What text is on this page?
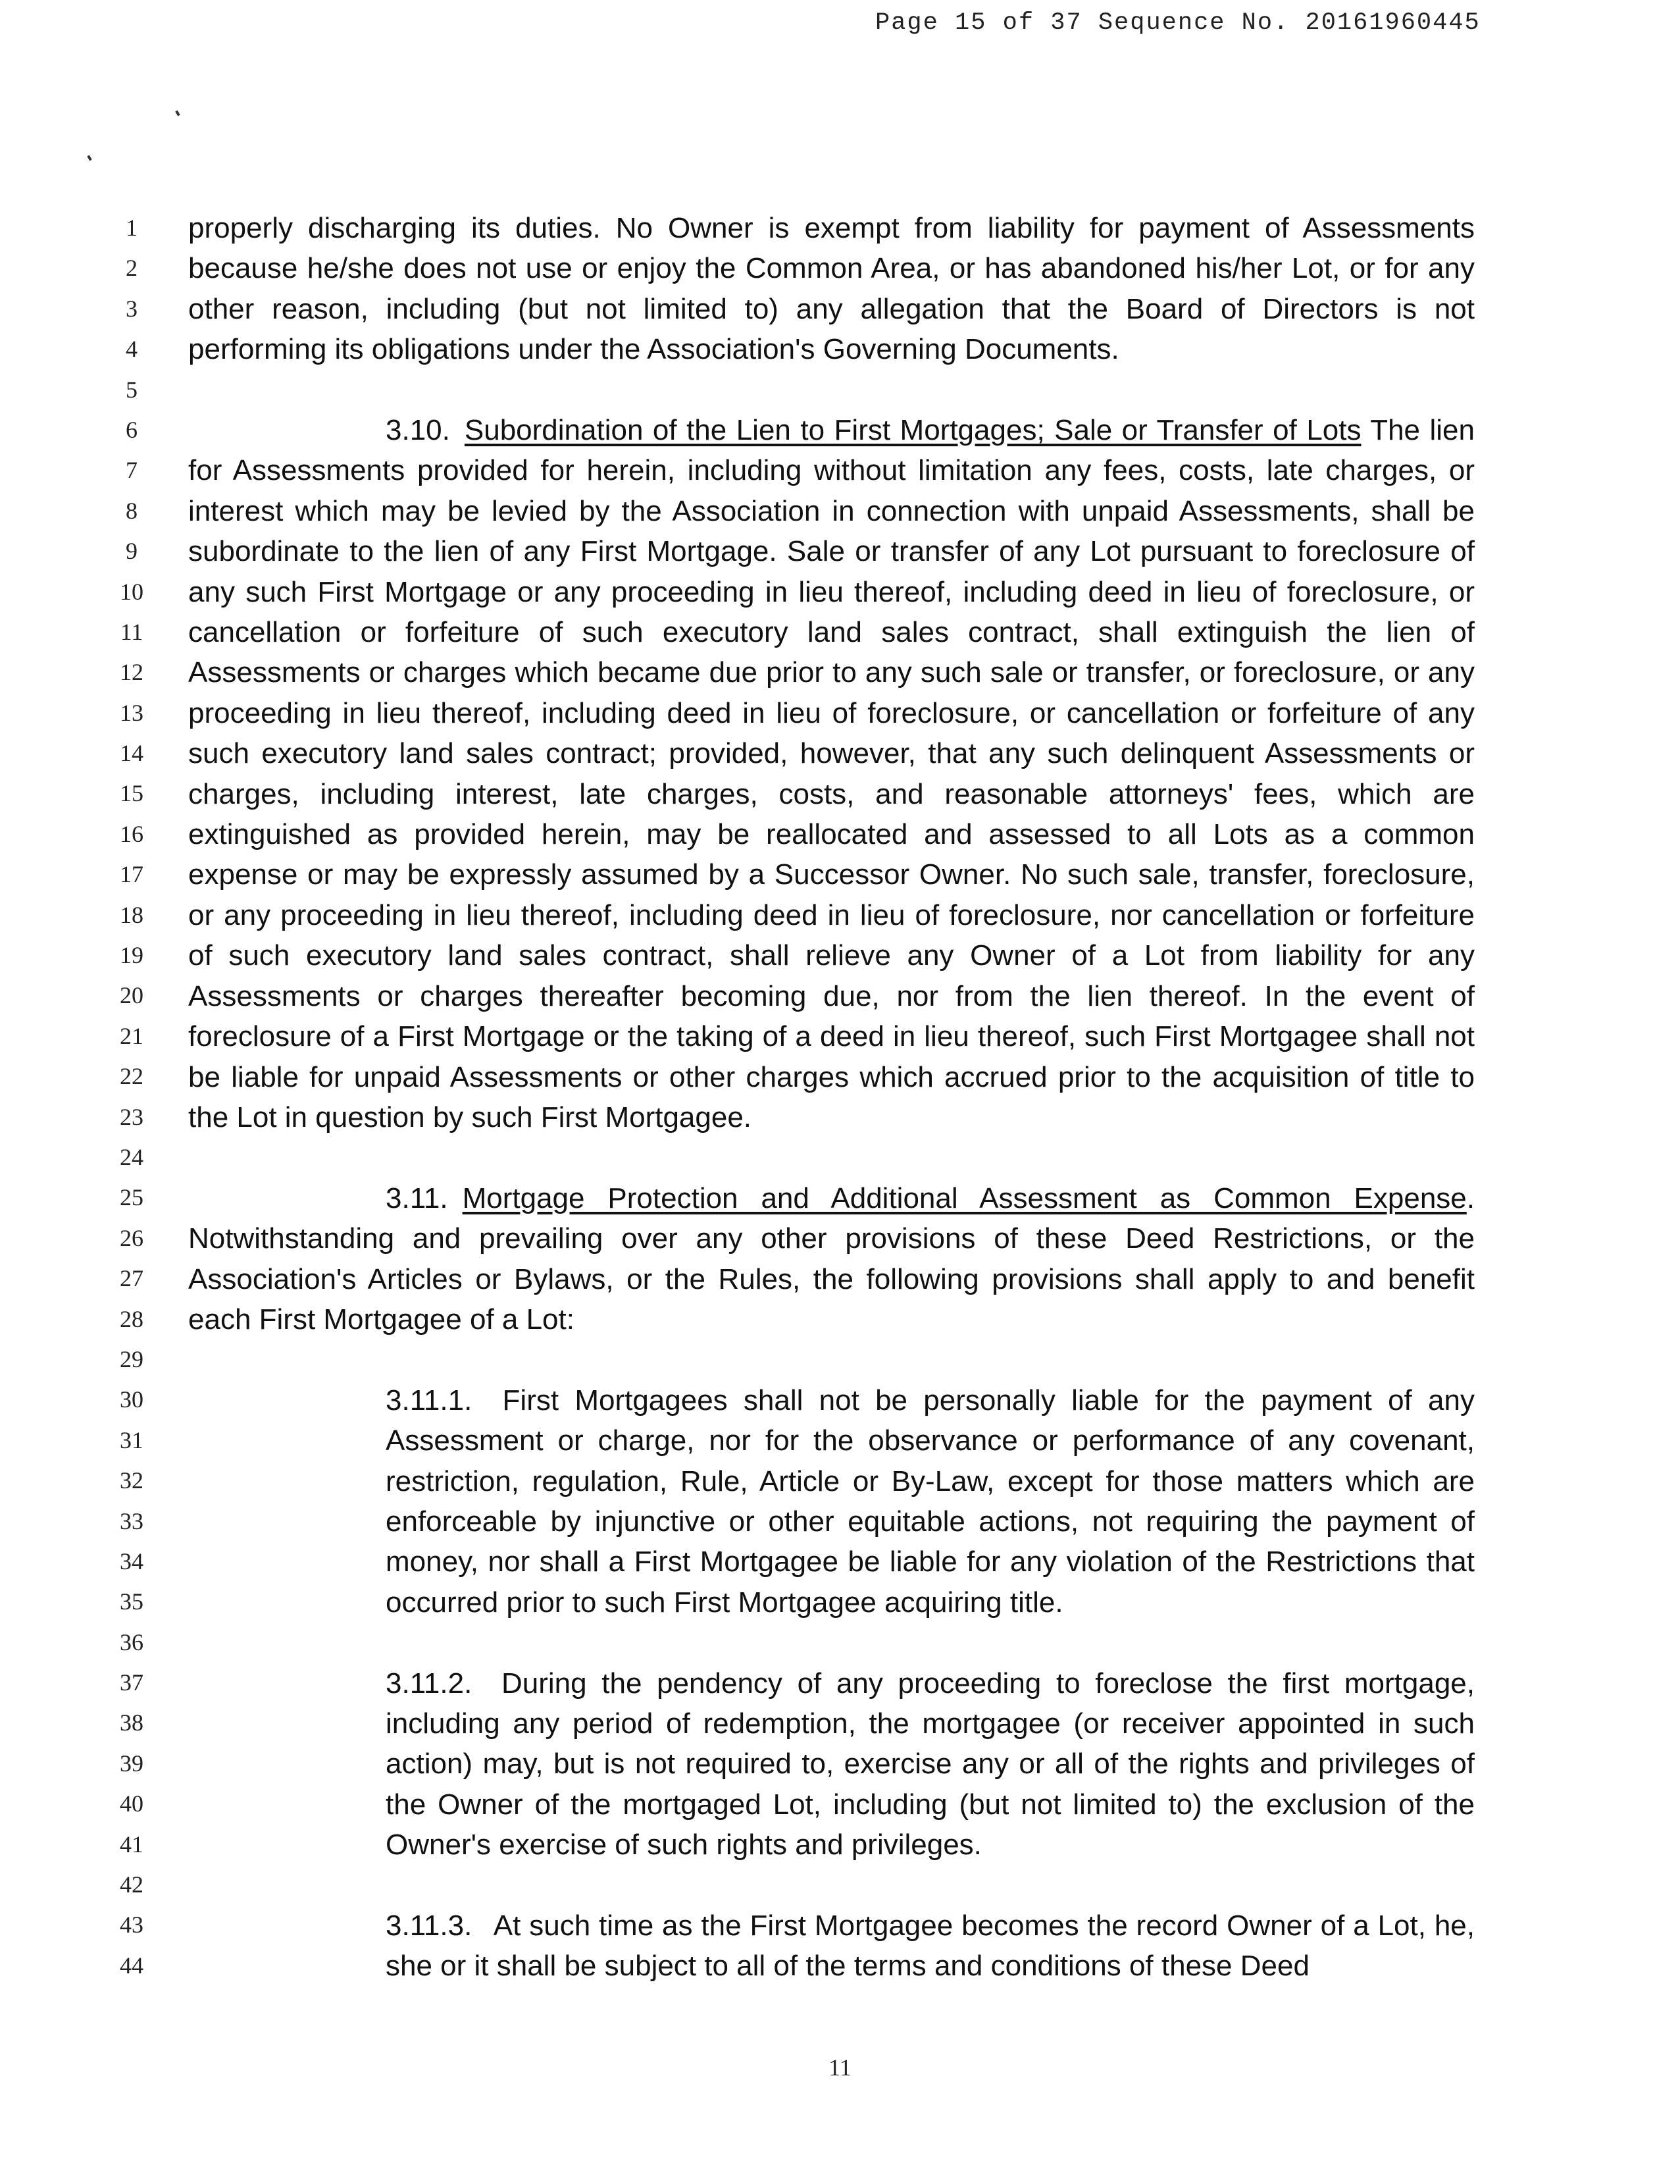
Page 15 of 37 Sequence No. 20161960445
1
2
3
4
5
6
7
8
9
10
11
12
13
14
15
16
17
18
19
20
21
22
23
24
25
26
27
28
29
30
31
32
33
34
35
36
37
38
39
40
41
42
43
44

properly discharging its duties. No Owner is exempt from liability for payment of Assessments because he/she does not use or enjoy the Common Area, or has abandoned his/her Lot, or for any other reason, including (but not limited to) any allegation that the Board of Directors is not performing its obligations under the Association's Governing Documents.

3.10. Subordination of the Lien to First Mortgages; Sale or Transfer of Lots The lien for Assessments provided for herein, including without limitation any fees, costs, late charges, or interest which may be levied by the Association in connection with unpaid Assessments, shall be subordinate to the lien of any First Mortgage. Sale or transfer of any Lot pursuant to foreclosure of any such First Mortgage or any proceeding in lieu thereof, including deed in lieu of foreclosure, or cancellation or forfeiture of such executory land sales contract, shall extinguish the lien of Assessments or charges which became due prior to any such sale or transfer, or foreclosure, or any proceeding in lieu thereof, including deed in lieu of foreclosure, or cancellation or forfeiture of any such executory land sales contract; provided, however, that any such delinquent Assessments or charges, including interest, late charges, costs, and reasonable attorneys' fees, which are extinguished as provided herein, may be reallocated and assessed to all Lots as a common expense or may be expressly assumed by a Successor Owner. No such sale, transfer, foreclosure, or any proceeding in lieu thereof, including deed in lieu of foreclosure, nor cancellation or forfeiture of such executory land sales contract, shall relieve any Owner of a Lot from liability for any Assessments or charges thereafter becoming due, nor from the lien thereof. In the event of foreclosure of a First Mortgage or the taking of a deed in lieu thereof, such First Mortgagee shall not be liable for unpaid Assessments or other charges which accrued prior to the acquisition of title to the Lot in question by such First Mortgagee.

3.11. Mortgage Protection and Additional Assessment as Common Expense. Notwithstanding and prevailing over any other provisions of these Deed Restrictions, or the Association's Articles or Bylaws, or the Rules, the following provisions shall apply to and benefit each First Mortgagee of a Lot:

3.11.1. First Mortgagees shall not be personally liable for the payment of any Assessment or charge, nor for the observance or performance of any covenant, restriction, regulation, Rule, Article or By-Law, except for those matters which are enforceable by injunctive or other equitable actions, not requiring the payment of money, nor shall a First Mortgagee be liable for any violation of the Restrictions that occurred prior to such First Mortgagee acquiring title.

3.11.2. During the pendency of any proceeding to foreclose the first mortgage, including any period of redemption, the mortgagee (or receiver appointed in such action) may, but is not required to, exercise any or all of the rights and privileges of the Owner of the mortgaged Lot, including (but not limited to) the exclusion of the Owner's exercise of such rights and privileges.

3.11.3. At such time as the First Mortgagee becomes the record Owner of a Lot, he, she or it shall be subject to all of the terms and conditions of these Deed

11
